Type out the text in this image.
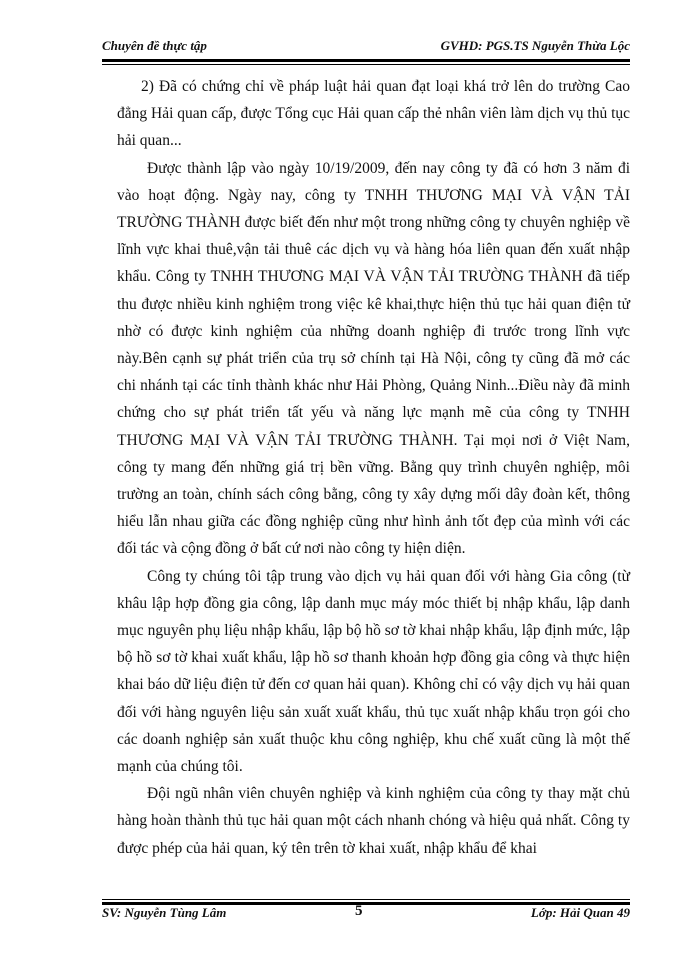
Chuyên đề thực tập	GVHD: PGS.TS Nguyễn Thừa Lộc

2) Đã có chứng chỉ về pháp luật hải quan đạt loại khá trở lên do trường Cao đẳng Hải quan cấp, được Tổng cục Hải quan cấp thẻ nhân viên làm dịch vụ thủ tục hải quan...

Được thành lập vào ngày 10/19/2009, đến nay công ty đã có hơn 3 năm đi vào hoạt động. Ngày nay, công ty TNHH THƯƠNG MẠI VÀ VẬN TẢI TRƯỜNG THÀNH được biết đến như một trong những công ty chuyên nghiệp về lĩnh vực khai thuê,vận tải thuê các dịch vụ và hàng hóa liên quan đến xuất nhập khẩu. Công ty TNHH THƯƠNG MẠI VÀ VẬN TẢI TRƯỜNG THÀNH đã tiếp thu được nhiều kinh nghiệm trong việc kê khai,thực hiện thủ tục hải quan điện tử nhờ có được kinh nghiệm của những doanh nghiệp đi trước trong lĩnh vực này.Bên cạnh sự phát triển của trụ sở chính tại Hà Nội, công ty cũng đã mở các chi nhánh tại các tỉnh thành khác như Hải Phòng, Quảng Ninh...Điều này đã minh chứng cho sự phát triển tất yếu và năng lực mạnh mẽ của công ty TNHH THƯƠNG MẠI VÀ VẬN TẢI TRƯỜNG THÀNH. Tại mọi nơi ở Việt Nam, công ty mang đến những giá trị bền vững. Bằng quy trình chuyên nghiệp, môi trường an toàn, chính sách công bằng, công ty xây dựng mối dây đoàn kết, thông hiểu lẫn nhau giữa các đồng nghiệp cũng như hình ảnh tốt đẹp của mình với các đối tác và cộng đồng ở bất cứ nơi nào công ty hiện diện.

Công ty chúng tôi tập trung vào dịch vụ hải quan đối với hàng Gia công (từ khâu lập hợp đồng gia công, lập danh mục máy móc thiết bị nhập khẩu, lập danh mục nguyên phụ liệu nhập khẩu, lập bộ hồ sơ tờ khai nhập khẩu, lập định mức, lập bộ hồ sơ tờ khai xuất khẩu, lập hồ sơ thanh khoản hợp đồng gia công và thực hiện khai báo dữ liệu điện tử đến cơ quan hải quan). Không chỉ có vậy dịch vụ hải quan đối với hàng nguyên liệu sản xuất xuất khẩu, thủ tục xuất nhập khẩu trọn gói cho các doanh nghiệp sản xuất thuộc khu công nghiệp, khu chế xuất cũng là một thế mạnh của chúng tôi.

Đội ngũ nhân viên chuyên nghiệp và kinh nghiệm của công ty thay mặt chủ hàng hoàn thành thủ tục hải quan một cách nhanh chóng và hiệu quả nhất. Công ty được phép của hải quan, ký tên trên tờ khai xuất, nhập khẩu để khai

SV: Nguyễn Tùng Lâm	5	Lớp: Hải Quan 49
